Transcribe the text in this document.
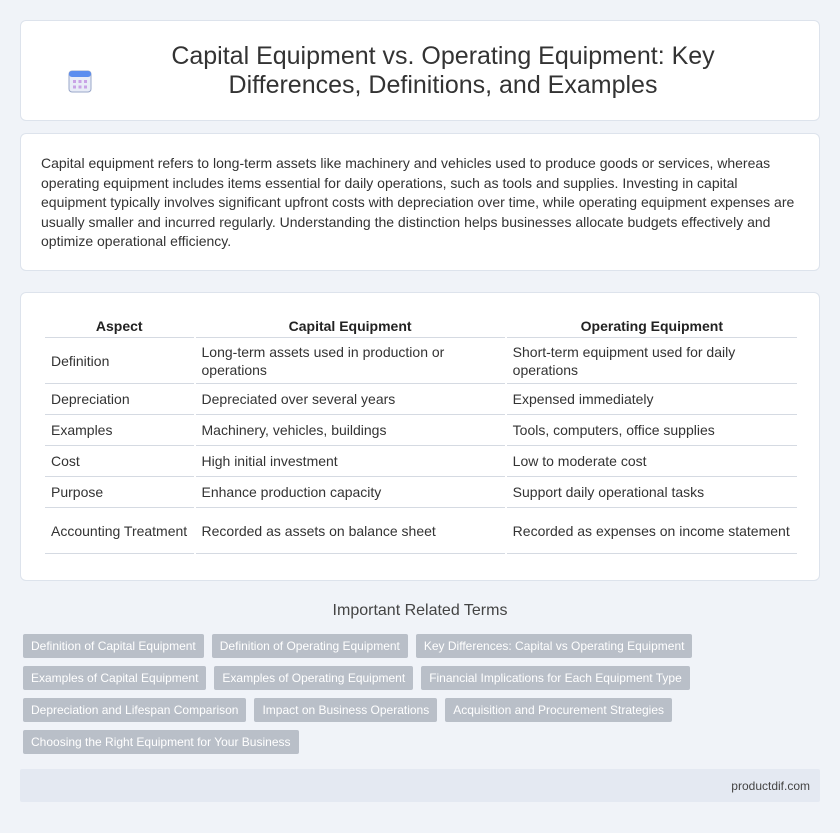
Capital Equipment vs. Operating Equipment: Key Differences, Definitions, and Examples

Capital equipment refers to long-term assets like machinery and vehicles used to produce goods or services, whereas operating equipment includes items essential for daily operations, such as tools and supplies. Investing in capital equipment typically involves significant upfront costs with depreciation over time, while operating equipment expenses are usually smaller and incurred regularly. Understanding the distinction helps businesses allocate budgets effectively and optimize operational efficiency.

Aspect	Capital Equipment	Operating Equipment
Definition	Long-term assets used in production or operations	Short-term equipment used for daily operations
Depreciation	Depreciated over several years	Expensed immediately
Examples	Machinery, vehicles, buildings	Tools, computers, office supplies
Cost	High initial investment	Low to moderate cost
Purpose	Enhance production capacity	Support daily operational tasks
Accounting Treatment	Recorded as assets on balance sheet	Recorded as expenses on income statement
Important Related Terms
Definition of Capital Equipment	Definition of Operating Equipment	Key Differences: Capital vs Operating Equipment
Examples of Capital Equipment	Examples of Operating Equipment	Financial Implications for Each Equipment Type
Depreciation and Lifespan Comparison	Impact on Business Operations	Acquisition and Procurement Strategies
Choosing the Right Equipment for Your Business
productdif.com
